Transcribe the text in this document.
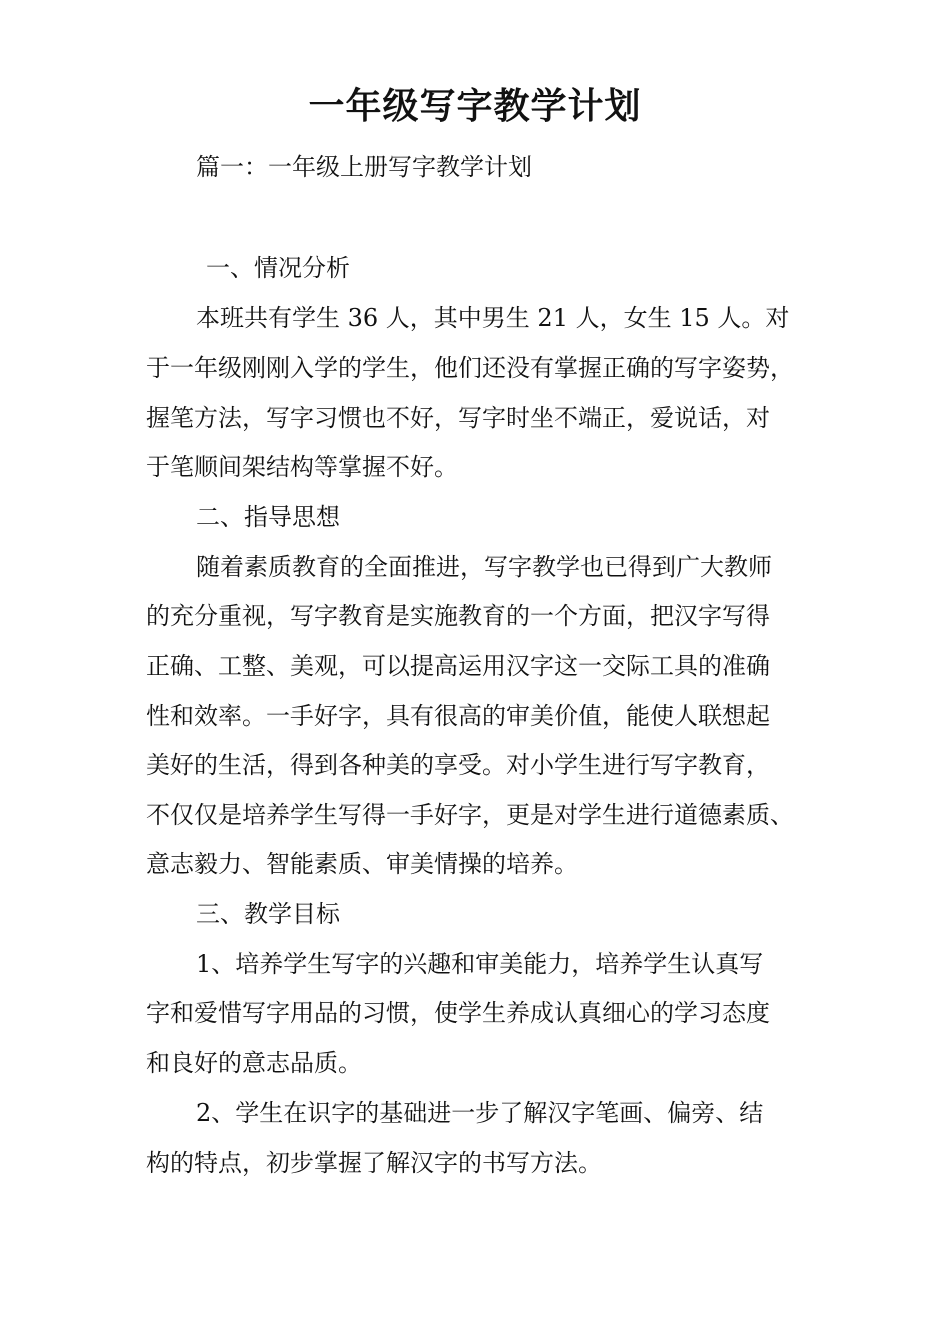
一年级写字教学计划

篇一：一年级上册写字教学计划

一、情况分析

本班共有学生 36 人，其中男生 21 人，女生 15 人。对

于一年级刚刚入学的学生，他们还没有掌握正确的写字姿势，

握笔方法，写字习惯也不好，写字时坐不端正，爱说话，对

于笔顺间架结构等掌握不好。

二、指导思想

随着素质教育的全面推进，写字教学也已得到广大教师

的充分重视，写字教育是实施教育的一个方面，把汉字写得

正确、工整、美观，可以提高运用汉字这一交际工具的准确

性和效率。一手好字，具有很高的审美价值，能使人联想起

美好的生活，得到各种美的享受。对小学生进行写字教育，

不仅仅是培养学生写得一手好字，更是对学生进行道德素质、

意志毅力、智能素质、审美情操的培养。

三、教学目标

1、培养学生写字的兴趣和审美能力，培养学生认真写

字和爱惜写字用品的习惯，使学生养成认真细心的学习态度

和良好的意志品质。

2、学生在识字的基础进一步了解汉字笔画、偏旁、结

构的特点，初步掌握了解汉字的书写方法。
